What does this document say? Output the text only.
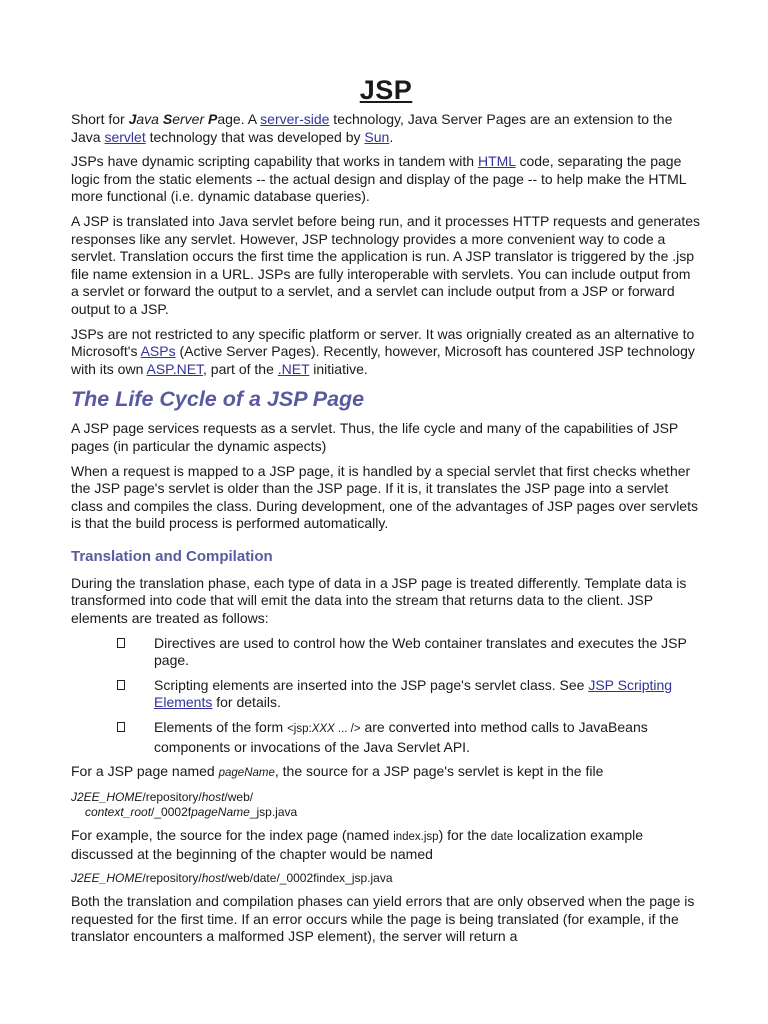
JSP

Short for Java Server Page. A server-side technology, Java Server Pages are an extension to the Java servlet technology that was developed by Sun.

JSPs have dynamic scripting capability that works in tandem with HTML code, separating the page logic from the static elements -- the actual design and display of the page -- to help make the HTML more functional (i.e. dynamic database queries).

A JSP is translated into Java servlet before being run, and it processes HTTP requests and generates responses like any servlet. However, JSP technology provides a more convenient way to code a servlet. Translation occurs the first time the application is run. A JSP translator is triggered by the .jsp file name extension in a URL. JSPs are fully interoperable with servlets. You can include output from a servlet or forward the output to a servlet, and a servlet can include output from a JSP or forward output to a JSP.

JSPs are not restricted to any specific platform or server. It was orignially created as an alternative to Microsoft's ASPs (Active Server Pages). Recently, however, Microsoft has countered JSP technology with its own ASP.NET, part of the .NET initiative.

The Life Cycle of a JSP Page

A JSP page services requests as a servlet. Thus, the life cycle and many of the capabilities of JSP pages (in particular the dynamic aspects)

When a request is mapped to a JSP page, it is handled by a special servlet that first checks whether the JSP page's servlet is older than the JSP page. If it is, it translates the JSP page into a servlet class and compiles the class. During development, one of the advantages of JSP pages over servlets is that the build process is performed automatically.

Translation and Compilation

During the translation phase, each type of data in a JSP page is treated differently. Template data is transformed into code that will emit the data into the stream that returns data to the client. JSP elements are treated as follows:

Directives are used to control how the Web container translates and executes the JSP page.
Scripting elements are inserted into the JSP page's servlet class. See JSP Scripting Elements for details.
Elements of the form <jsp:XXX ... /> are converted into method calls to JavaBeans components or invocations of the Java Servlet API.

For a JSP page named pageName, the source for a JSP page's servlet is kept in the file

J2EE_HOME/repository/host/web/
context_root/_0002fpageName_jsp.java

For example, the source for the index page (named index.jsp) for the date localization example discussed at the beginning of the chapter would be named

J2EE_HOME/repository/host/web/date/_0002findex_jsp.java

Both the translation and compilation phases can yield errors that are only observed when the page is requested for the first time. If an error occurs while the page is being translated (for example, if the translator encounters a malformed JSP element), the server will return a
